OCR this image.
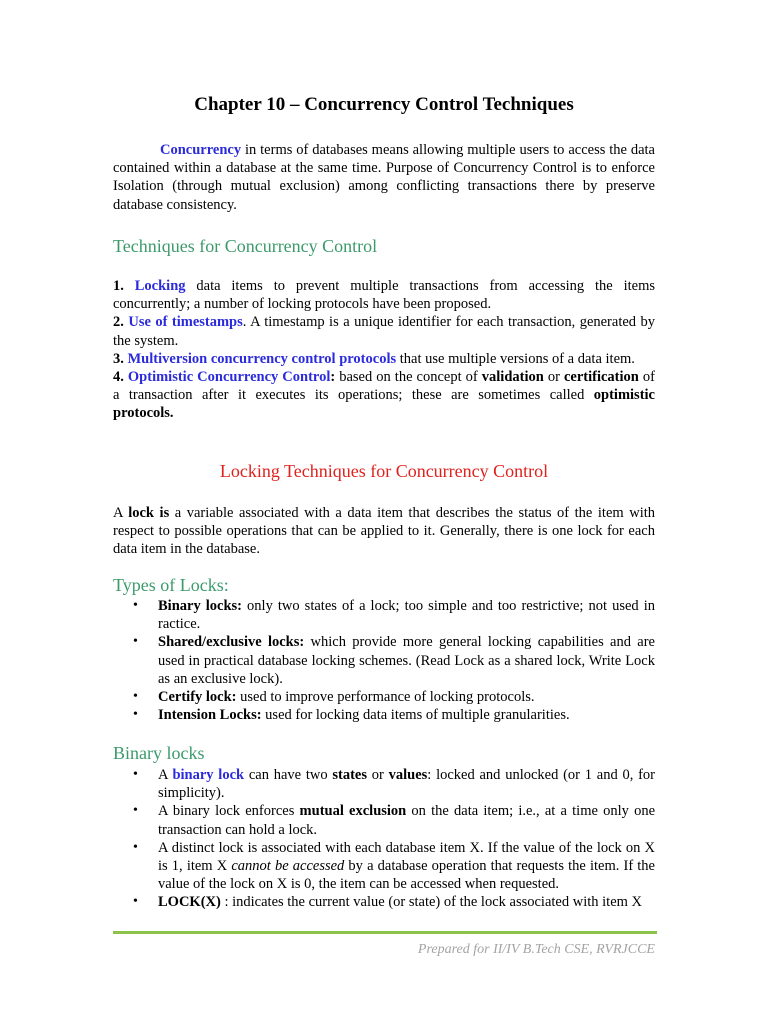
Chapter 10 – Concurrency Control Techniques
Concurrency in terms of databases means allowing multiple users to access the data contained within a database at the same time. Purpose of Concurrency Control is to enforce Isolation (through mutual exclusion) among conflicting transactions there by preserve database consistency.
Techniques for Concurrency Control
1. Locking data items to prevent multiple transactions from accessing the items concurrently; a number of locking protocols have been proposed.
2. Use of timestamps. A timestamp is a unique identifier for each transaction, generated by the system.
3. Multiversion concurrency control protocols that use multiple versions of a data item.
4. Optimistic Concurrency Control: based on the concept of validation or certification of a transaction after it executes its operations; these are sometimes called optimistic protocols.
Locking Techniques for Concurrency Control
A lock is a variable associated with a data item that describes the status of the item with respect to possible operations that can be applied to it. Generally, there is one lock for each data item in the database.
Types of Locks:
• Binary locks: only two states of a lock; too simple and too restrictive; not used in ractice.
• Shared/exclusive locks: which provide more general locking capabilities and are used in practical database locking schemes. (Read Lock as a shared lock, Write Lock as an exclusive lock).
• Certify lock: used to improve performance of locking protocols.
• Intension Locks: used for locking data items of multiple granularities.
Binary locks
• A binary lock can have two states or values: locked and unlocked (or 1 and 0, for simplicity).
• A binary lock enforces mutual exclusion on the data item; i.e., at a time only one transaction can hold a lock.
• A distinct lock is associated with each database item X. If the value of the lock on X is 1, item X cannot be accessed by a database operation that requests the item. If the value of the lock on X is 0, the item can be accessed when requested.
• LOCK(X) : indicates the current value (or state) of the lock associated with item X
Prepared for II/IV B.Tech CSE, RVRJCCE
